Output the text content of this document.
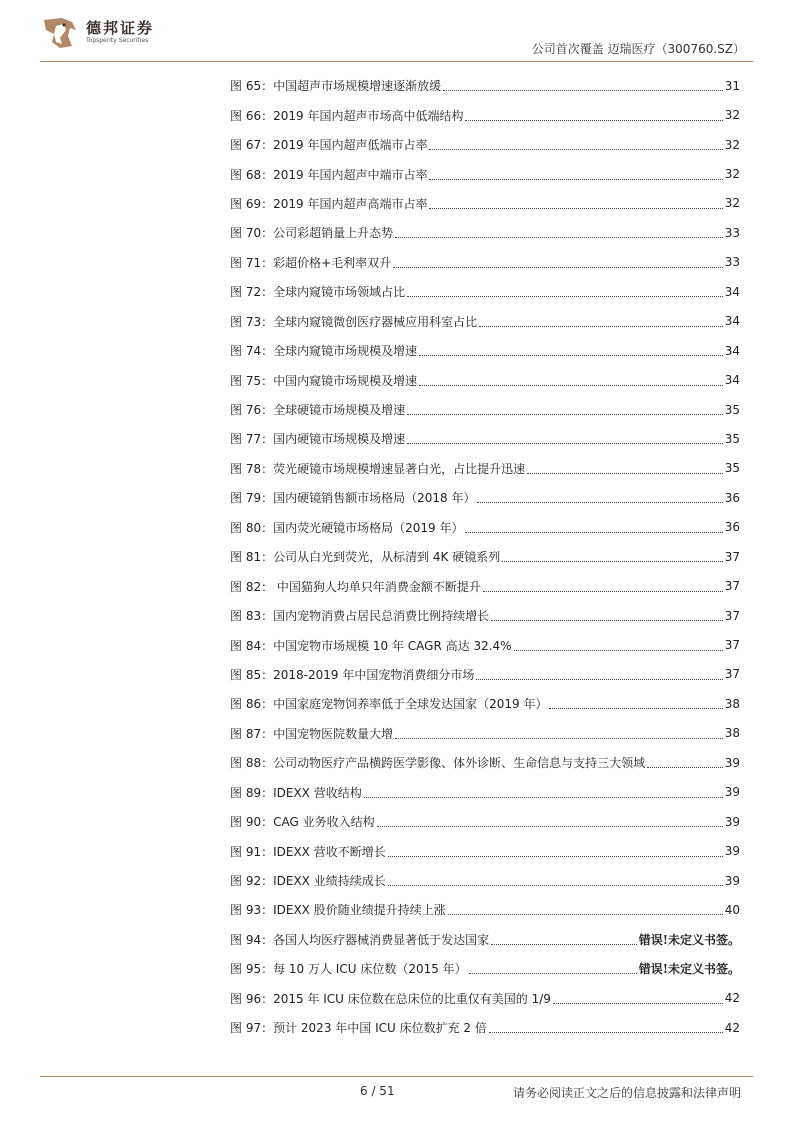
德邦证券
Topsperity Securities
公司首次覆盖 迈瑞医疗（300760.SZ）
图 65： 中国超声市场规模增速逐渐放缓	31
图 66： 2019 年国内超声市场高中低端结构	32
图 67： 2019 年国内超声低端市占率	32
图 68： 2019 年国内超声中端市占率	32
图 69： 2019 年国内超声高端市占率	32
图 70： 公司彩超销量上升态势	33
图 71： 彩超价格+毛利率双升	33
图 72： 全球内窥镜市场领域占比	34
图 73： 全球内窥镜微创医疗器械应用科室占比	34
图 74： 全球内窥镜市场规模及增速	34
图 75： 中国内窥镜市场规模及增速	34
图 76： 全球硬镜市场规模及增速	35
图 77： 国内硬镜市场规模及增速	35
图 78： 荧光硬镜市场规模增速显著白光，占比提升迅速	35
图 79： 国内硬镜销售额市场格局（2018 年）	36
图 80： 国内荧光硬镜市场格局（2019 年）	36
图 81： 公司从白光到荧光，从标清到 4K 硬镜系列	37
图 82： 中国猫狗人均单只年消费金额不断提升	37
图 83： 国内宠物消费占居民总消费比例持续增长	37
图 84： 中国宠物市场规模 10 年 CAGR 高达 32.4%	37
图 85： 2018-2019 年中国宠物消费细分市场	37
图 86： 中国家庭宠物饲养率低于全球发达国家（2019 年）	38
图 87： 中国宠物医院数量大增	38
图 88： 公司动物医疗产品横跨医学影像、体外诊断、生命信息与支持三大领域	39
图 89： IDEXX 营收结构	39
图 90： CAG 业务收入结构	39
图 91： IDEXX 营收不断增长	39
图 92： IDEXX 业绩持续成长	39
图 93： IDEXX 股价随业绩提升持续上涨	40
图 94： 各国人均医疗器械消费显著低于发达国家	错误!未定义书签。
图 95： 每 10 万人 ICU 床位数（2015 年）	错误!未定义书签。
图 96： 2015 年 ICU 床位数在总床位的比重仅有美国的 1/9	42
图 97： 预计 2023 年中国 ICU 床位数扩充 2 倍	42
6 / 51	请务必阅读正文之后的信息披露和法律声明
